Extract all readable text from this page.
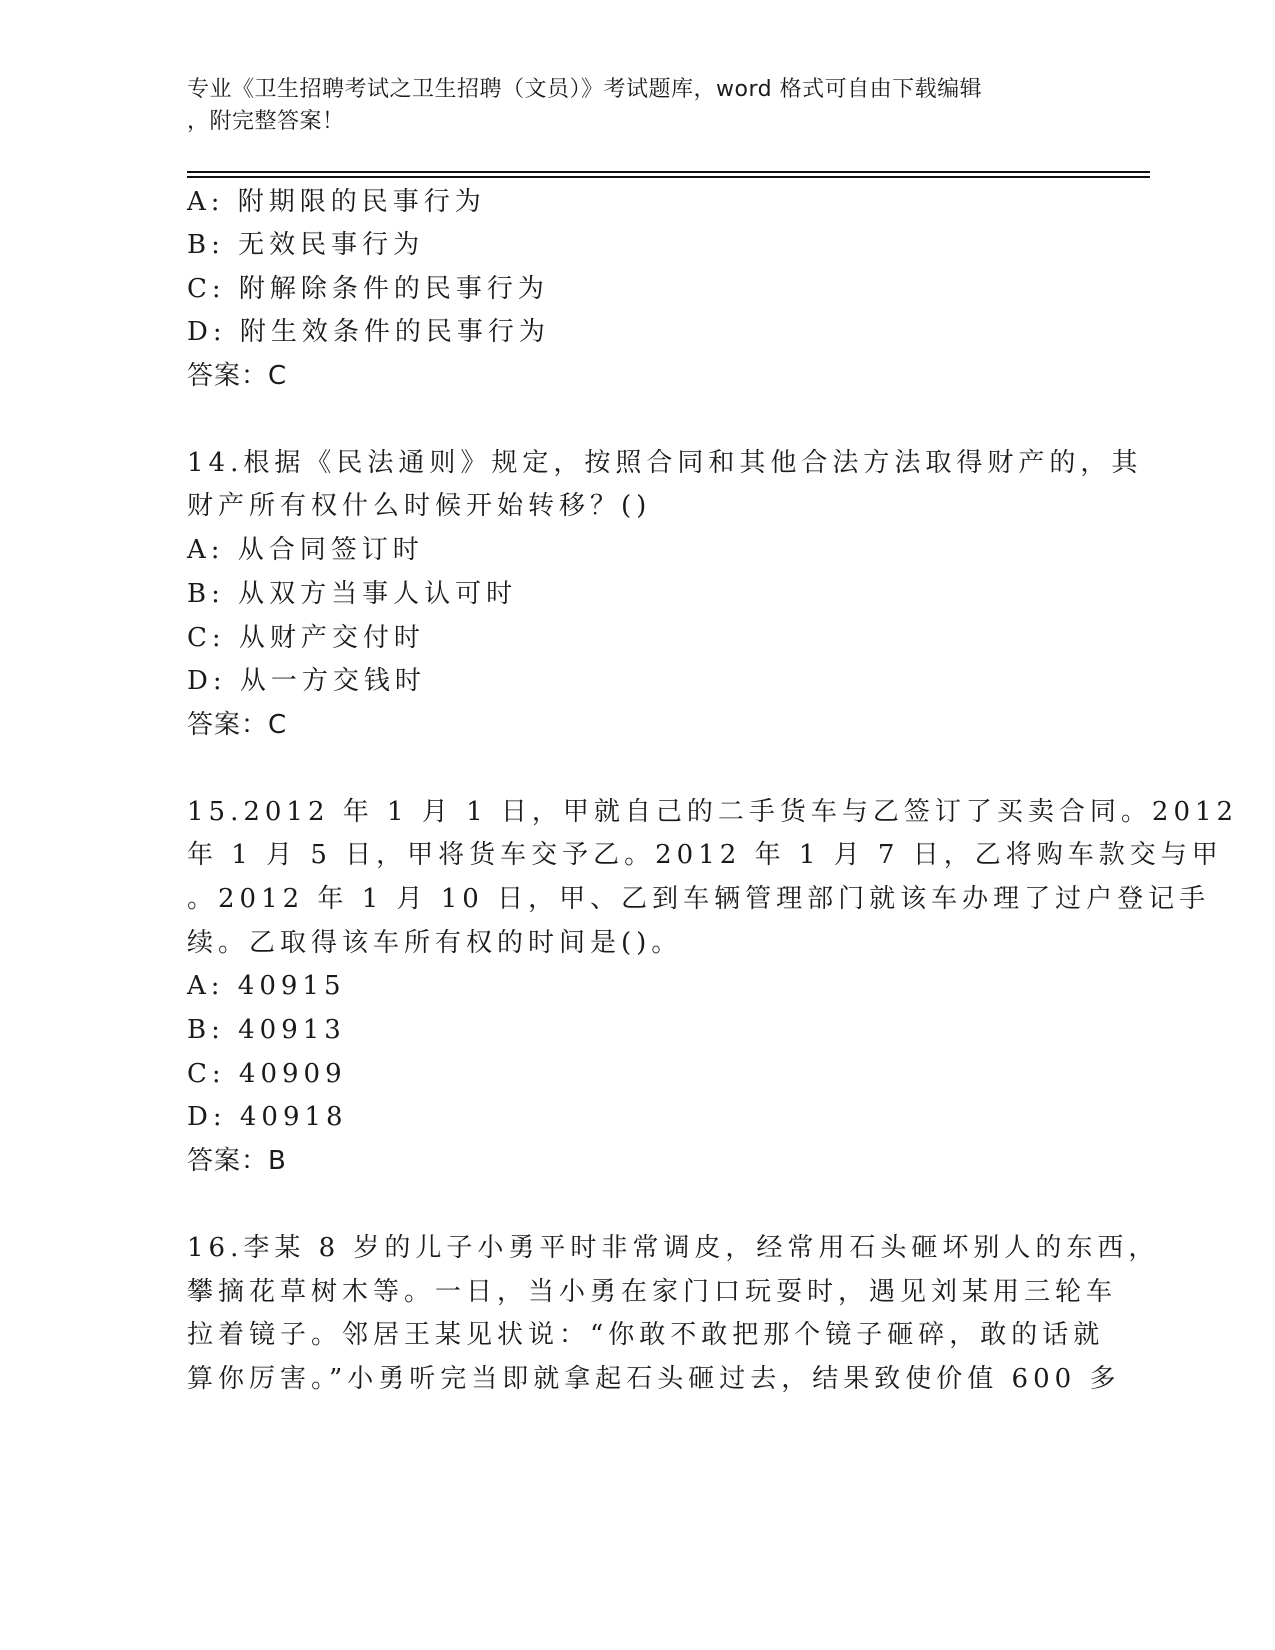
专业《卫生招聘考试之卫生招聘（文员）》考试题库，word 格式可自由下载编辑
，附完整答案！
A: 附期限的民事行为
B: 无效民事行为
C: 附解除条件的民事行为
D: 附生效条件的民事行为
答案：C
14.根据《民法通则》规定，按照合同和其他合法方法取得财产的，其
财产所有权什么时候开始转移？()
A: 从合同签订时
B: 从双方当事人认可时
C: 从财产交付时
D: 从一方交钱时
答案：C
15.2012 年 1 月 1 日，甲就自己的二手货车与乙签订了买卖合同。2012
年 1 月 5 日，甲将货车交予乙。2012 年 1 月 7 日，乙将购车款交与甲
。2012 年 1 月 10 日，甲、乙到车辆管理部门就该车办理了过户登记手
续。乙取得该车所有权的时间是()。
A: 40915
B: 40913
C: 40909
D: 40918
答案：B
16.李某 8 岁的儿子小勇平时非常调皮，经常用石头砸坏别人的东西，
攀摘花草树木等。一日，当小勇在家门口玩耍时，遇见刘某用三轮车
拉着镜子。邻居王某见状说：“你敢不敢把那个镜子砸碎，敢的话就
算你厉害。”小勇听完当即就拿起石头砸过去，结果致使价值 600 多
